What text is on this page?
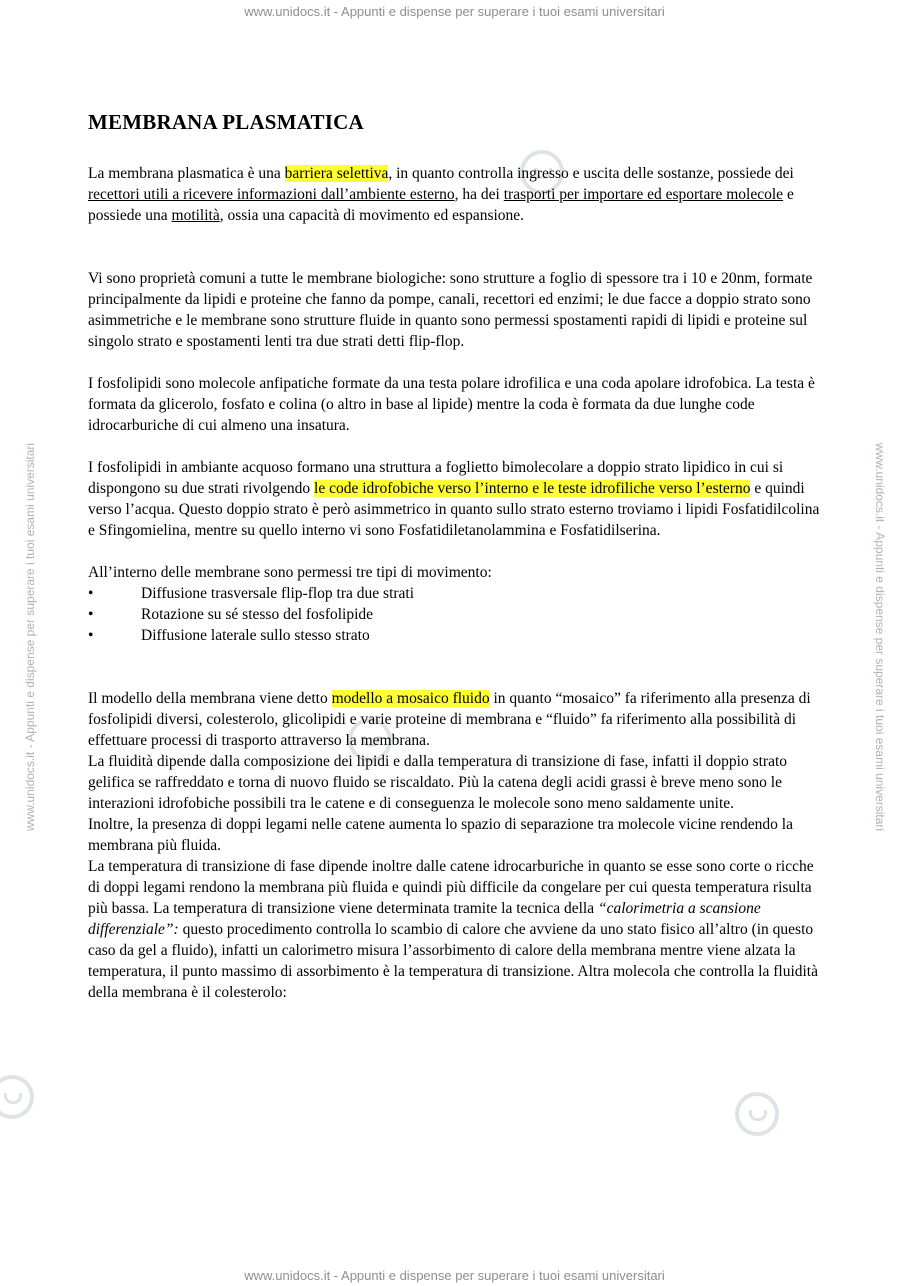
www.unidocs.it - Appunti e dispense per superare i tuoi esami universitari
www.unidocs.it - Appunti e dispense per superare i tuoi esami universitari	www.unidocs.it - Appunti e dispense per superare i tuoi esami universitari
MEMBRANA PLASMATICA

La membrana plasmatica è una barriera selettiva, in quanto controlla ingresso e uscita delle sostanze, possiede dei recettori utili a ricevere informazioni dall’ambiente esterno, ha dei trasporti per importare ed esportare molecole e possiede una motilità, ossia una capacità di movimento ed espansione.

Vi sono proprietà comuni a tutte le membrane biologiche: sono strutture a foglio di spessore tra i 10 e 20nm, formate principalmente da lipidi e proteine che fanno da pompe, canali, recettori ed enzimi; le due facce a doppio strato sono asimmetriche e le membrane sono strutture fluide in quanto sono permessi spostamenti rapidi di lipidi e proteine sul singolo strato e spostamenti lenti tra due strati detti flip-flop.

I fosfolipidi sono molecole anfipatiche formate da una testa polare idrofilica e una coda apolare idrofobica. La testa è formata da glicerolo, fosfato e colina (o altro in base al lipide) mentre la coda è formata da due lunghe code idrocarburiche di cui almeno una insatura.

I fosfolipidi in ambiante acquoso formano una struttura a foglietto bimolecolare a doppio strato lipidico in cui si dispongono su due strati rivolgendo le code idrofobiche verso l’interno e le teste idrofiliche verso l’esterno e quindi verso l’acqua. Questo doppio strato è però asimmetrico in quanto sullo strato esterno troviamo i lipidi Fosfatidilcolina e Sfingomielina, mentre su quello interno vi sono Fosfatidiletanolammina e Fosfatidilserina.

All’interno delle membrane sono permessi tre tipi di movimento:

•	Diffusione trasversale flip-flop tra due strati
•	Rotazione su sé stesso del fosfolipide
•	Diffusione laterale sullo stesso strato
Il modello della membrana viene detto modello a mosaico fluido in quanto “mosaico” fa riferimento alla presenza di fosfolipidi diversi, colesterolo, glicolipidi e varie proteine di membrana e “fluido” fa riferimento alla possibilità di effettuare processi di trasporto attraverso la membrana.
La fluidità dipende dalla composizione dei lipidi e dalla temperatura di transizione di fase, infatti il doppio strato gelifica se raffreddato e torna di nuovo fluido se riscaldato. Più la catena degli acidi grassi è breve meno sono le interazioni idrofobiche possibili tra le catene e di conseguenza le molecole sono meno saldamente unite.
Inoltre, la presenza di doppi legami nelle catene aumenta lo spazio di separazione tra molecole vicine rendendo la membrana più fluida.
La temperatura di transizione di fase dipende inoltre dalle catene idrocarburiche in quanto se esse sono corte o ricche di doppi legami rendono la membrana più fluida e quindi più difficile da congelare per cui questa temperatura risulta più bassa. La temperatura di transizione viene determinata tramite la tecnica della “calorimetria a scansione differenziale”: questo procedimento controlla lo scambio di calore che avviene da uno stato fisico all’altro (in questo caso da gel a fluido), infatti un calorimetro misura l’assorbimento di calore della membrana mentre viene alzata la temperatura, il punto massimo di assorbimento è la temperatura di transizione. Altra molecola che controlla la fluidità della membrana è il colesterolo:
www.unidocs.it - Appunti e dispense per superare i tuoi esami universitari
